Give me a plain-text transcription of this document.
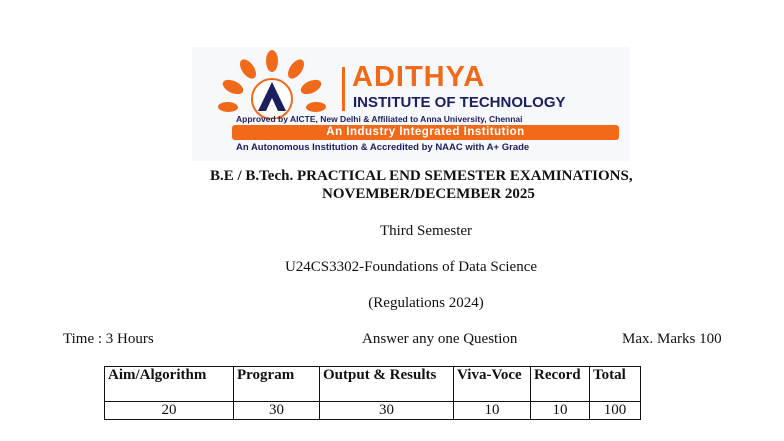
ADITHYA
INSTITUTE OF TECHNOLOGY
Approved by AICTE, New Delhi & Affiliated to Anna University, Chennai
An Industry Integrated Institution
An Autonomous Institution & Accredited by NAAC with A+ Grade
B.E / B.Tech. PRACTICAL END SEMESTER EXAMINATIONS,
NOVEMBER/DECEMBER 2025
Third Semester
U24CS3302-Foundations of Data Science
(Regulations 2024)
Time : 3 Hours	Answer any one Question	Max. Marks 100
Aim/Algorithm	Program	Output & Results	Viva-Voce	Record	Total
20	30	30	10	10	100
